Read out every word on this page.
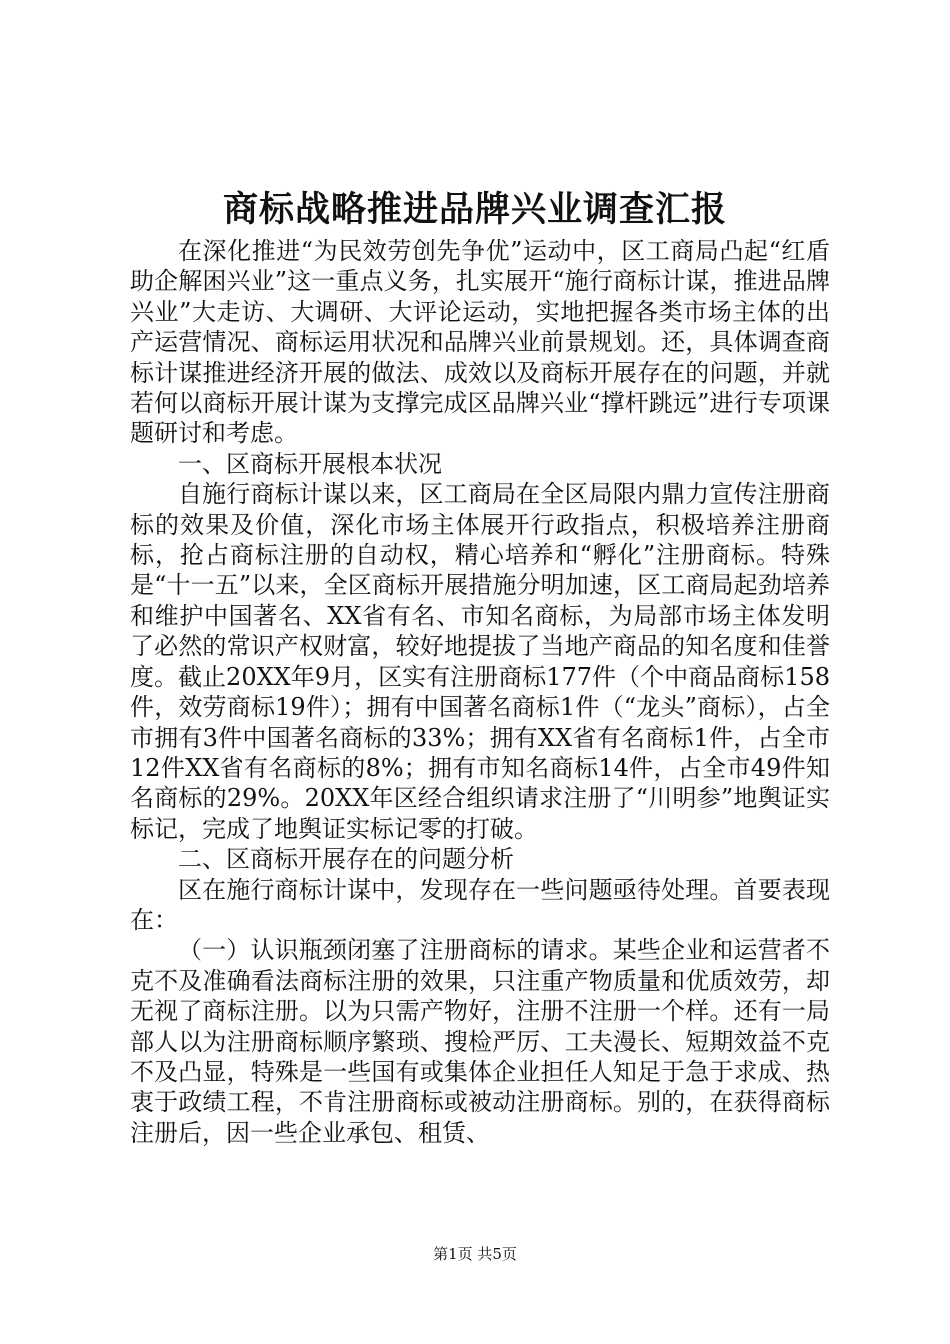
商标战略推进品牌兴业调查汇报

在深化推进“为民效劳创先争优”运动中，区工商局凸起“红盾助企解困兴业”这一重点义务，扎实展开“施行商标计谋，推进品牌兴业”大走访、大调研、大评论运动，实地把握各类市场主体的出产运营情况、商标运用状况和品牌兴业前景规划。还，具体调查商标计谋推进经济开展的做法、成效以及商标开展存在的问题，并就若何以商标开展计谋为支撑完成区品牌兴业“撑杆跳远”进行专项课题研讨和考虑。

一、区商标开展根本状况

自施行商标计谋以来，区工商局在全区局限内鼎力宣传注册商标的效果及价值，深化市场主体展开行政指点，积极培养注册商标，抢占商标注册的自动权，精心培养和“孵化”注册商标。特殊是“十一五”以来，全区商标开展措施分明加速，区工商局起劲培养和维护中国著名、XX省有名、市知名商标，为局部市场主体发明了必然的常识产权财富，较好地提拔了当地产商品的知名度和佳誉度。截止20XX年9月，区实有注册商标177件（个中商品商标158件，效劳商标19件）；拥有中国著名商标1件（“龙头”商标），占全市拥有3件中国著名商标的33%；拥有XX省有名商标1件，占全市12件XX省有名商标的8%；拥有市知名商标14件，占全市49件知名商标的29%。20XX年区经合组织请求注册了“川明参”地舆证实标记，完成了地舆证实标记零的打破。

二、区商标开展存在的问题分析

区在施行商标计谋中，发现存在一些问题亟待处理。首要表现在：

（一）认识瓶颈闭塞了注册商标的请求。某些企业和运营者不克不及准确看法商标注册的效果，只注重产物质量和优质效劳，却无视了商标注册。以为只需产物好，注册不注册一个样。还有一局部人以为注册商标顺序繁琐、搜检严厉、工夫漫长、短期效益不克不及凸显，特殊是一些国有或集体企业担任人知足于急于求成、热衷于政绩工程，不肯注册商标或被动注册商标。别的，在获得商标注册后，因一些企业承包、租赁、

第1页 共5页
